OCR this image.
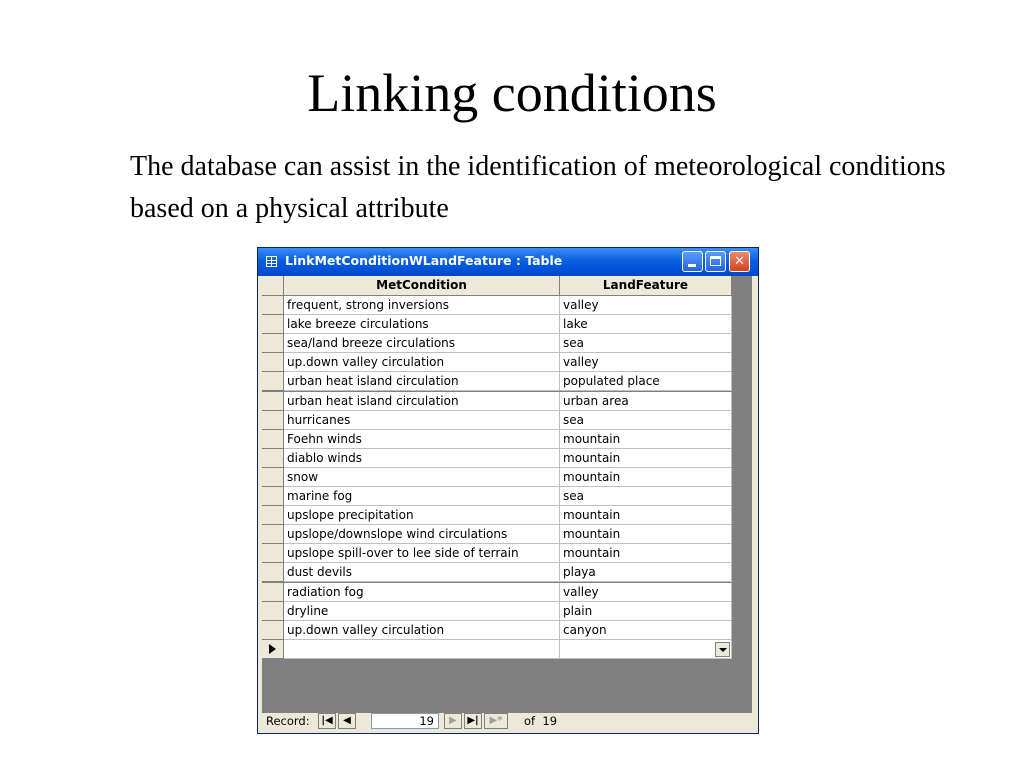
Linking conditions
The database can assist in the identification of meteorological conditions based on a physical attribute
LinkMetConditionWLandFeature : Table	✕
MetCondition	LandFeature
frequent, strong inversions	valley
lake breeze circulations	lake
sea/land breeze circulations	sea
up.down valley circulation	valley
urban heat island circulation	populated place
urban heat island circulation	urban area
hurricanes	sea
Foehn winds	mountain
diablo winds	mountain
snow	mountain
marine fog	sea
upslope precipitation	mountain
upslope/downslope wind circulations	mountain
upslope spill-over to lee side of terrain	mountain
dust devils	playa
radiation fog	valley
dryline	plain
up.down valley circulation	canyon
Record:	|◀	◀	19	▶	▶|	▶*	of 19
